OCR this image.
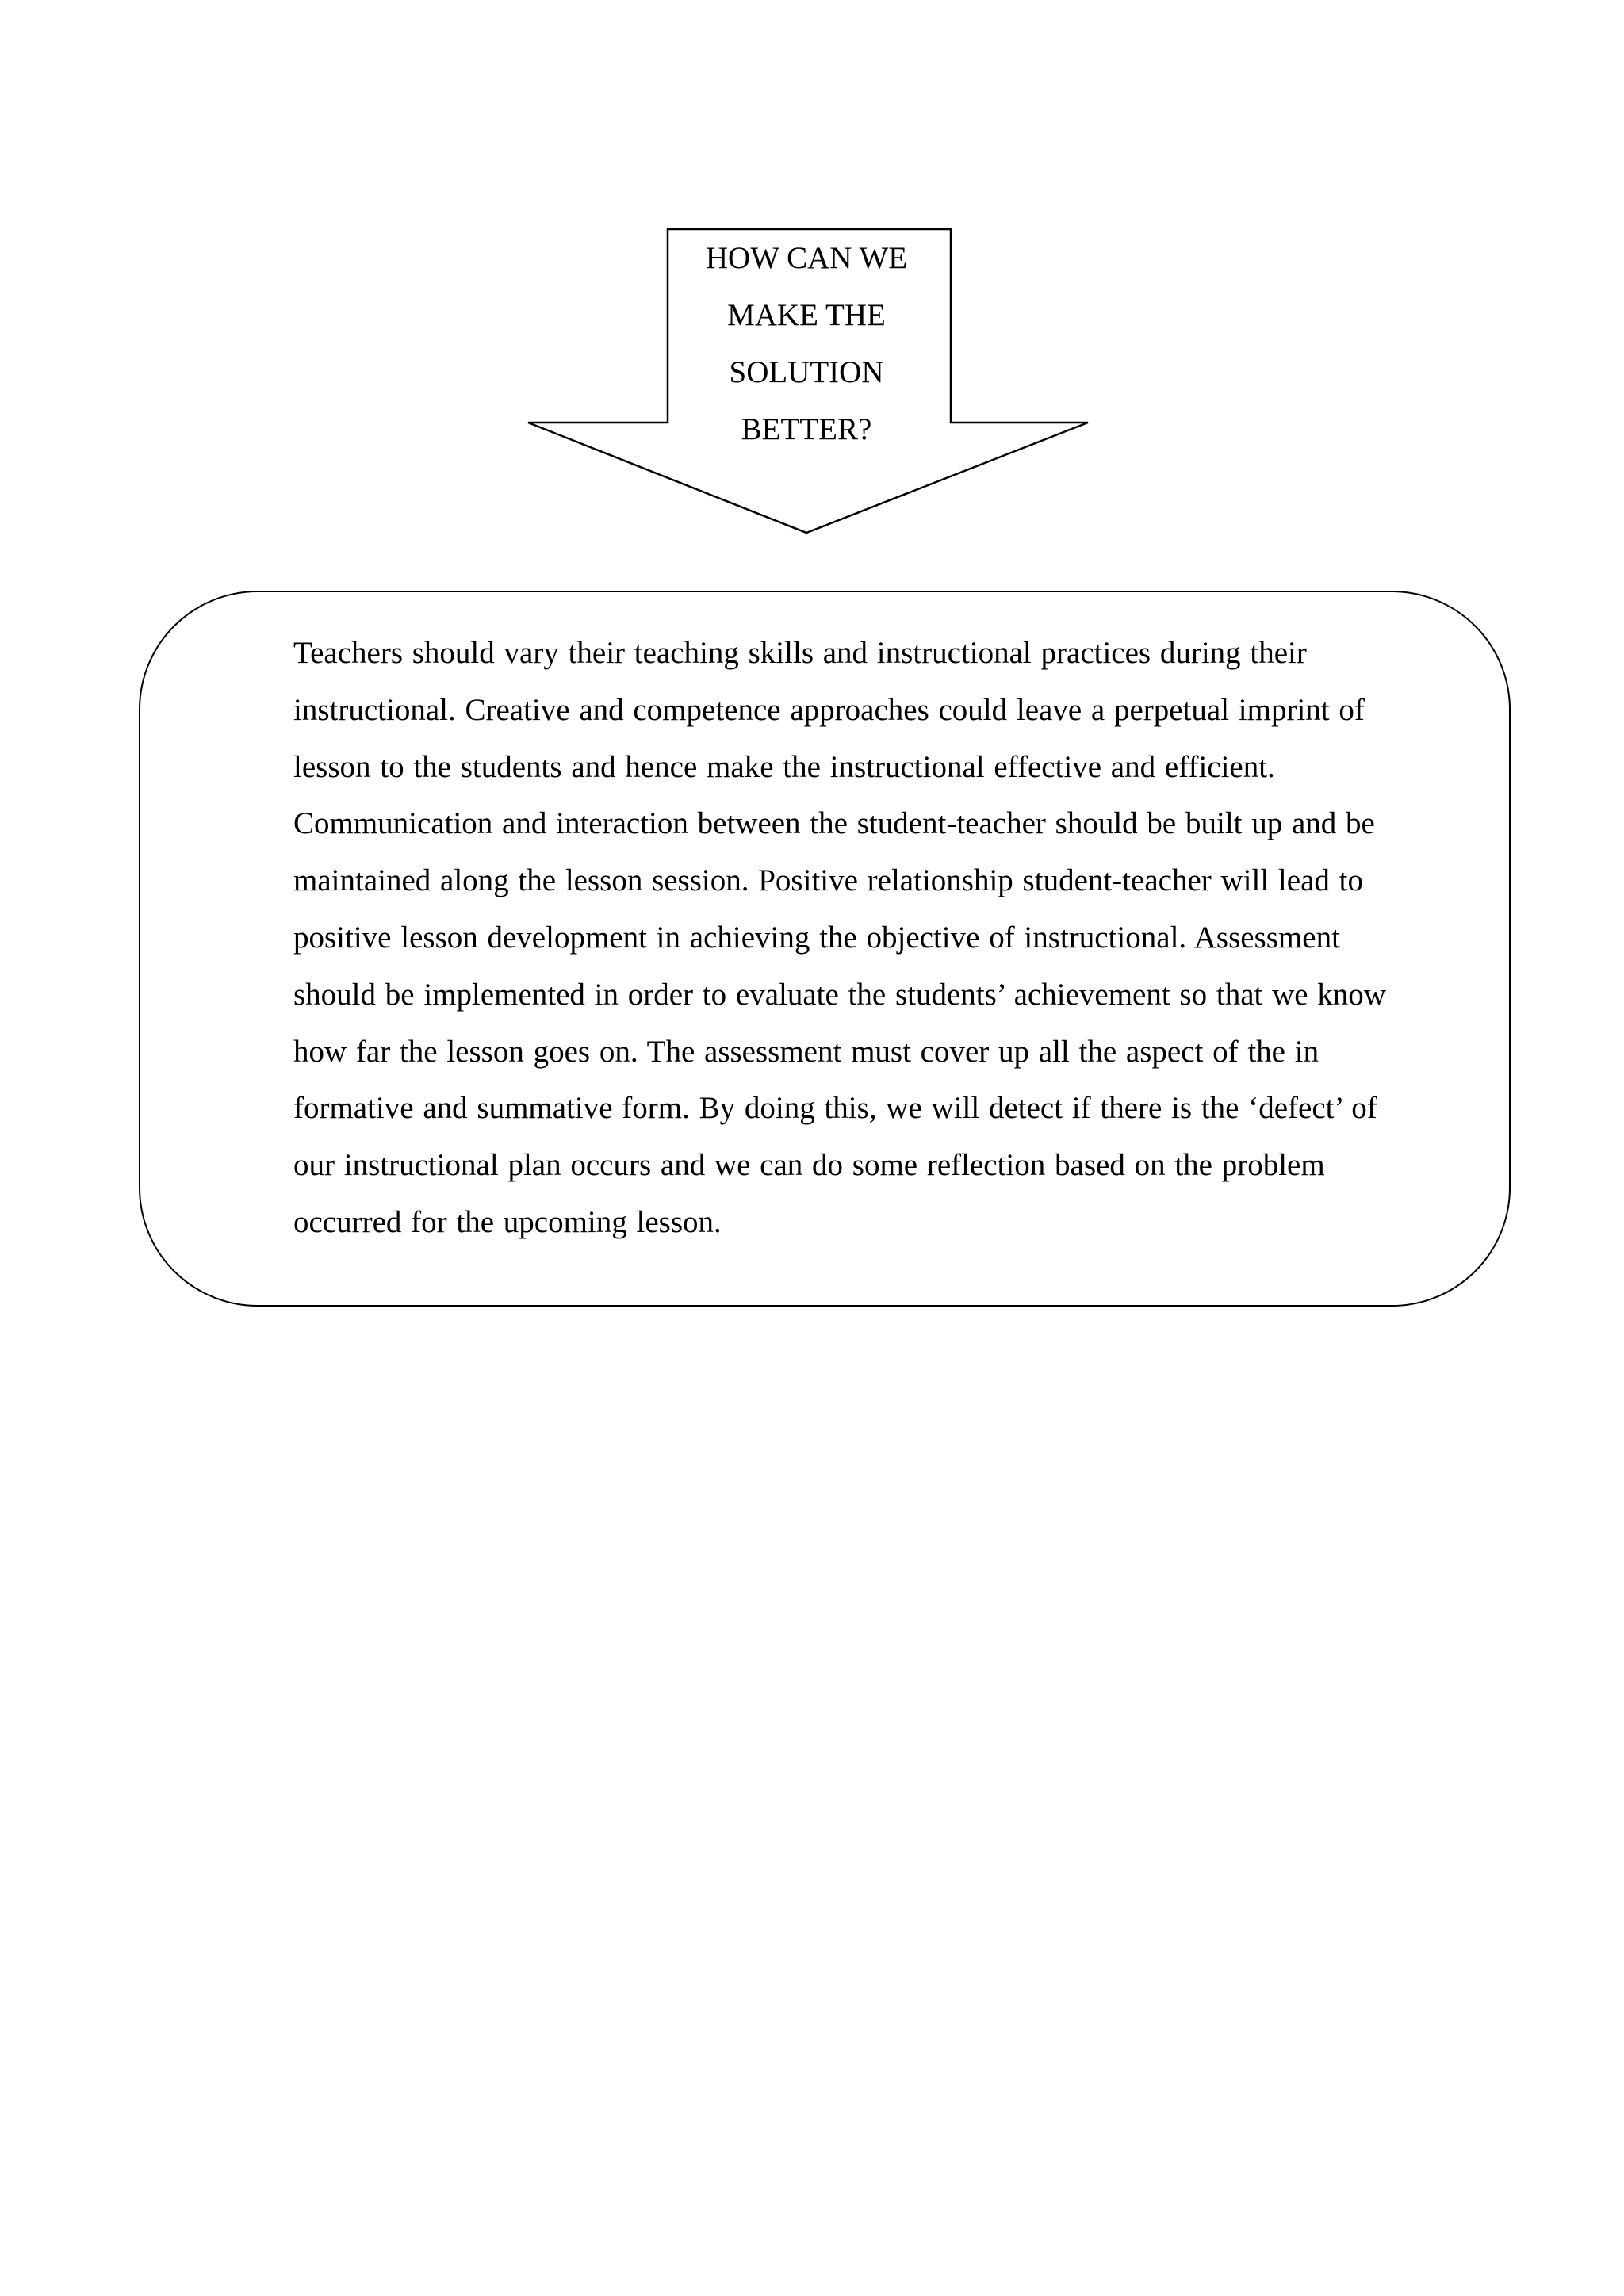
HOW CAN WE
MAKE THE
SOLUTION
BETTER?
Teachers should vary their teaching skills and instructional practices during their
instructional. Creative and competence approaches could leave a perpetual imprint of
lesson to the students and hence make the instructional effective and efficient.
Communication and interaction between the student-teacher should be built up and be
maintained along the lesson session. Positive relationship student-teacher will lead to
positive lesson development in achieving the objective of instructional. Assessment
should be implemented in order to evaluate the students’ achievement so that we know
how far the lesson goes on. The assessment must cover up all the aspect of the in
formative and summative form. By doing this, we will detect if there is the ‘defect’ of
our instructional plan occurs and we can do some reflection based on the problem
occurred for the upcoming lesson.
